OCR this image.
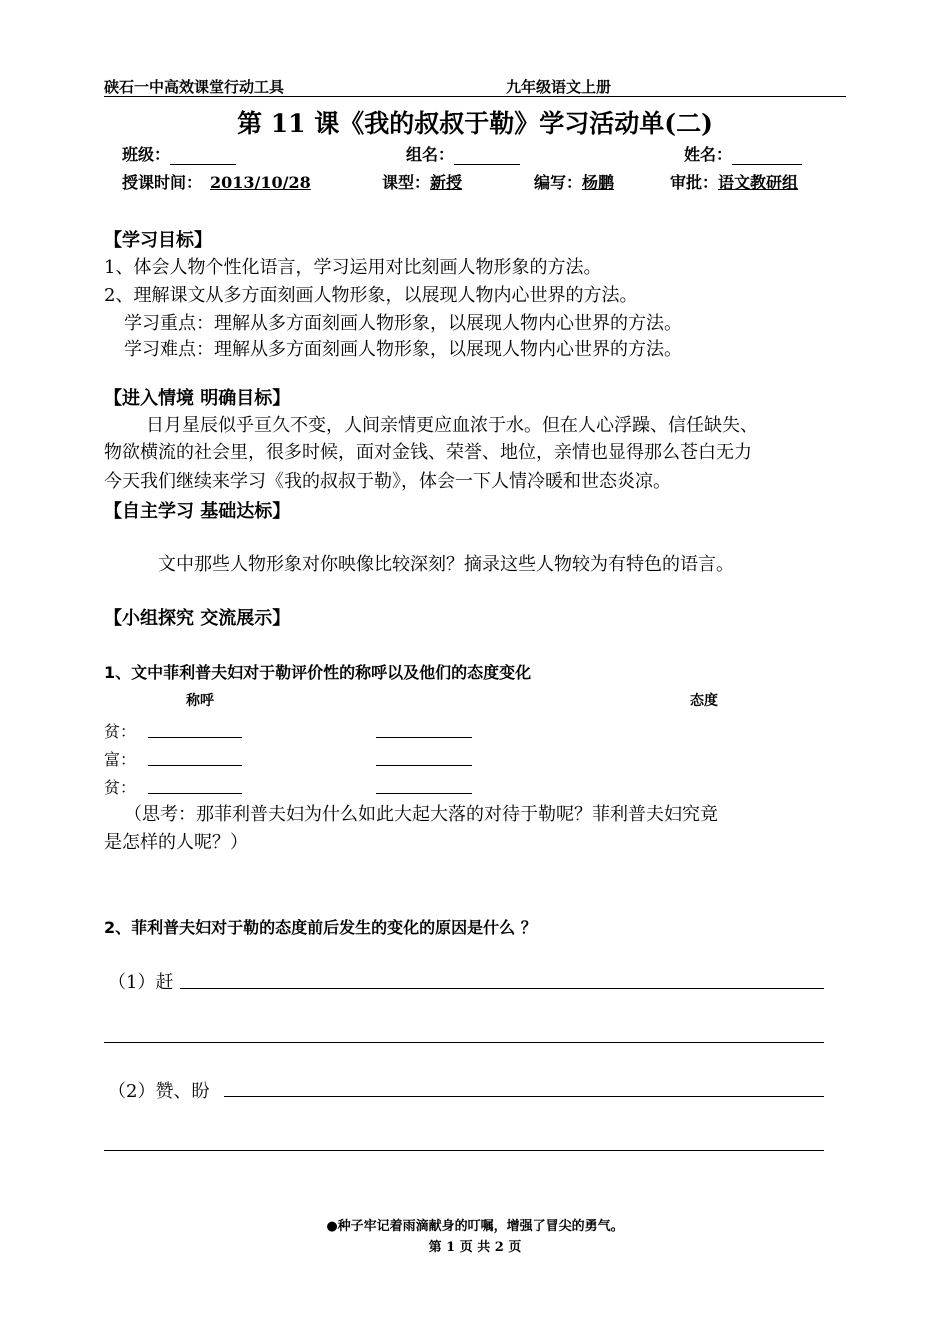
硖石一中高效课堂行动工具	九年级语文上册
第 11 课《我的叔叔于勒》学习活动单(二)
班级：	组名：	姓名：
授课时间： 2013/10/28	课型：新授	编写：杨鹏	审批：语文教研组
【学习目标】
1、体会人物个性化语言，学习运用对比刻画人物形象的方法。
2、理解课文从多方面刻画人物形象，以展现人物内心世界的方法。
学习重点：理解从多方面刻画人物形象，以展现人物内心世界的方法。
学习难点：理解从多方面刻画人物形象，以展现人物内心世界的方法。
【进入情境 明确目标】
日月星辰似乎亘久不变，人间亲情更应血浓于水。但在人心浮躁、信任缺失、
物欲横流的社会里，很多时候，面对金钱、荣誉、地位，亲情也显得那么苍白无力
今天我们继续来学习《我的叔叔于勒》，体会一下人情冷暖和世态炎凉。
【自主学习 基础达标】
文中那些人物形象对你映像比较深刻？摘录这些人物较为有特色的语言。
【小组探究 交流展示】
1、文中菲利普夫妇对于勒评价性的称呼以及他们的态度变化
称呼	态度
贫：
富：
贫：
（思考：那菲利普夫妇为什么如此大起大落的对待于勒呢？菲利普夫妇究竟
是怎样的人呢？）
2、菲利普夫妇对于勒的态度前后发生的变化的原因是什么 ？
（1）赶
（2）赞、盼
●种子牢记着雨滴献身的叮嘱，增强了冒尖的勇气。
第 1 页 共 2 页
